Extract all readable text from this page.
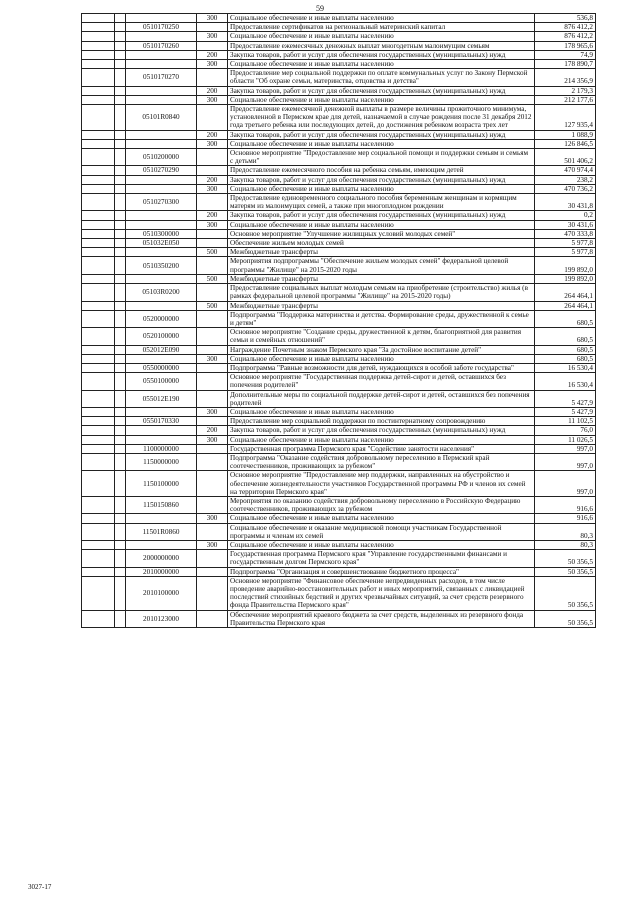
59
			300	Социальное обеспечение и иные выплаты населению	536,8
		0510170250		Предоставление сертификатов на региональный материнский капитал	876 412,2
			300	Социальное обеспечение и иные выплаты населению	876 412,2
		0510170260		Предоставление ежемесячных денежных выплат многодетным малоимущим семьям	178 965,6
			200	Закупка товаров, работ и услуг для обеспечения государственных (муниципальных) нужд	74,9
			300	Социальное обеспечение и иные выплаты населению	178 890,7
		0510170270		Предоставление мер социальной поддержки по оплате коммунальных услуг по Закону Пермской области "Об охране семьи, материнства, отцовства и детства"	214 356,9
			200	Закупка товаров, работ и услуг для обеспечения государственных (муниципальных) нужд	2 179,3
			300	Социальное обеспечение и иные выплаты населению	212 177,6
		05101R0840		Предоставление ежемесячной денежной выплаты в размере величины прожиточного минимума, установленной в Пермском крае для детей, назначаемой в случае рождения после 31 декабря 2012 года третьего ребенка или последующих детей, до достижения ребенком возраста трех лет	127 935,4
			200	Закупка товаров, работ и услуг для обеспечения государственных (муниципальных) нужд	1 088,9
			300	Социальное обеспечение и иные выплаты населению	126 846,5
		0510200000		Основное мероприятие "Предоставление мер социальной помощи и поддержки семьям и семьям с детьми"	501 406,2
		0510270290		Предоставление ежемесячного пособия на ребенка семьям, имеющим детей	470 974,4
			200	Закупка товаров, работ и услуг для обеспечения государственных (муниципальных) нужд	238,2
			300	Социальное обеспечение и иные выплаты населению	470 736,2
		0510270300		Предоставление единовременного социального пособия беременным женщинам и кормящим матерям из малоимущих семей, а также при многоплодном рождении	30 431,8
			200	Закупка товаров, работ и услуг для обеспечения государственных (муниципальных) нужд	0,2
			300	Социальное обеспечение и иные выплаты населению	30 431,6
		0510300000		Основное мероприятие "Улучшение жилищных условий молодых семей"	470 333,8
		051032Е050		Обеспечение жильем молодых семей	5 977,8
			500	Межбюджетные трансферты	5 977,8
		0510350200		Мероприятия подпрограммы "Обеспечение жильем молодых семей" федеральной целевой программы "Жилище" на 2015-2020 годы	199 892,0
			500	Межбюджетные трансферты	199 892,0
		05103R0200		Предоставление социальных выплат молодым семьям на приобретение (строительство) жилья (в рамках федеральной целевой программы "Жилище" на 2015-2020 годы)	264 464,1
			500	Межбюджетные трансферты	264 464,1
		0520000000		Подпрограмма "Поддержка материнства и детства. Формирование среды, дружественной к семье и детям"	680,5
		0520100000		Основное мероприятие "Создание среды, дружественной к детям, благоприятной для развития семьи и семейных отношений"	680,5
		052012Е090		Награждение Почетным знаком Пермского края "За достойное воспитание детей"	680,5
			300	Социальное обеспечение и иные выплаты населению	680,5
		0550000000		Подпрограмма "Равные возможности для детей, нуждающихся в особой заботе государства"	16 530,4
		0550100000		Основное мероприятие "Государственная поддержка детей-сирот и детей, оставшихся без попечения родителей"	16 530,4
		055012Е190		Дополнительные меры по социальной поддержке детей-сирот и детей, оставшихся без попечения родителей	5 427,9
			300	Социальное обеспечение и иные выплаты населению	5 427,9
		0550170330		Предоставление мер социальной поддержки по постинтернатному сопровождению	11 102,5
			200	Закупка товаров, работ и услуг для обеспечения государственных (муниципальных) нужд	76,0
			300	Социальное обеспечение и иные выплаты населению	11 026,5
		1100000000		Государственная программа Пермского края "Содействие занятости населения"	997,0
		1150000000		Подпрограмма "Оказание содействия добровольному переселению в Пермский край соотечественников, проживающих за рубежом"	997,0
		1150100000		Основное мероприятие "Предоставление мер поддержки, направленных на обустройство и обеспечение жизнедеятельности участников Государственной программы РФ и членов их семей на территории Пермского края"	997,0
		1150150860		Мероприятия по оказанию содействия добровольному переселению в Российскую Федерацию соотечественников, проживающих за рубежом	916,6
			300	Социальное обеспечение и иные выплаты населению	916,6
		11501R0860		Социальное обеспечение и оказание медицинской помощи участникам Государственной программы и членам их семей	80,3
			300	Социальное обеспечение и иные выплаты населению	80,3
		2000000000		Государственная программа Пермского края "Управление государственными финансами и государственным долгом Пермского края"	50 356,5
		2010000000		Подпрограмма "Организация и совершенствование бюджетного процесса"	50 356,5
		2010100000		Основное мероприятие "Финансовое обеспечение непредвиденных расходов, в том числе проведение аварийно-восстановительных работ и иных мероприятий, связанных с ликвидацией последствий стихийных бедствий и других чрезвычайных ситуаций, за счет средств резервного фонда Правительства Пермского края"	50 356,5
		2010123000		Обеспечение мероприятий краевого бюджета за счет средств, выделенных из резервного фонда Правительства Пермского края	50 356,5
3027-17
